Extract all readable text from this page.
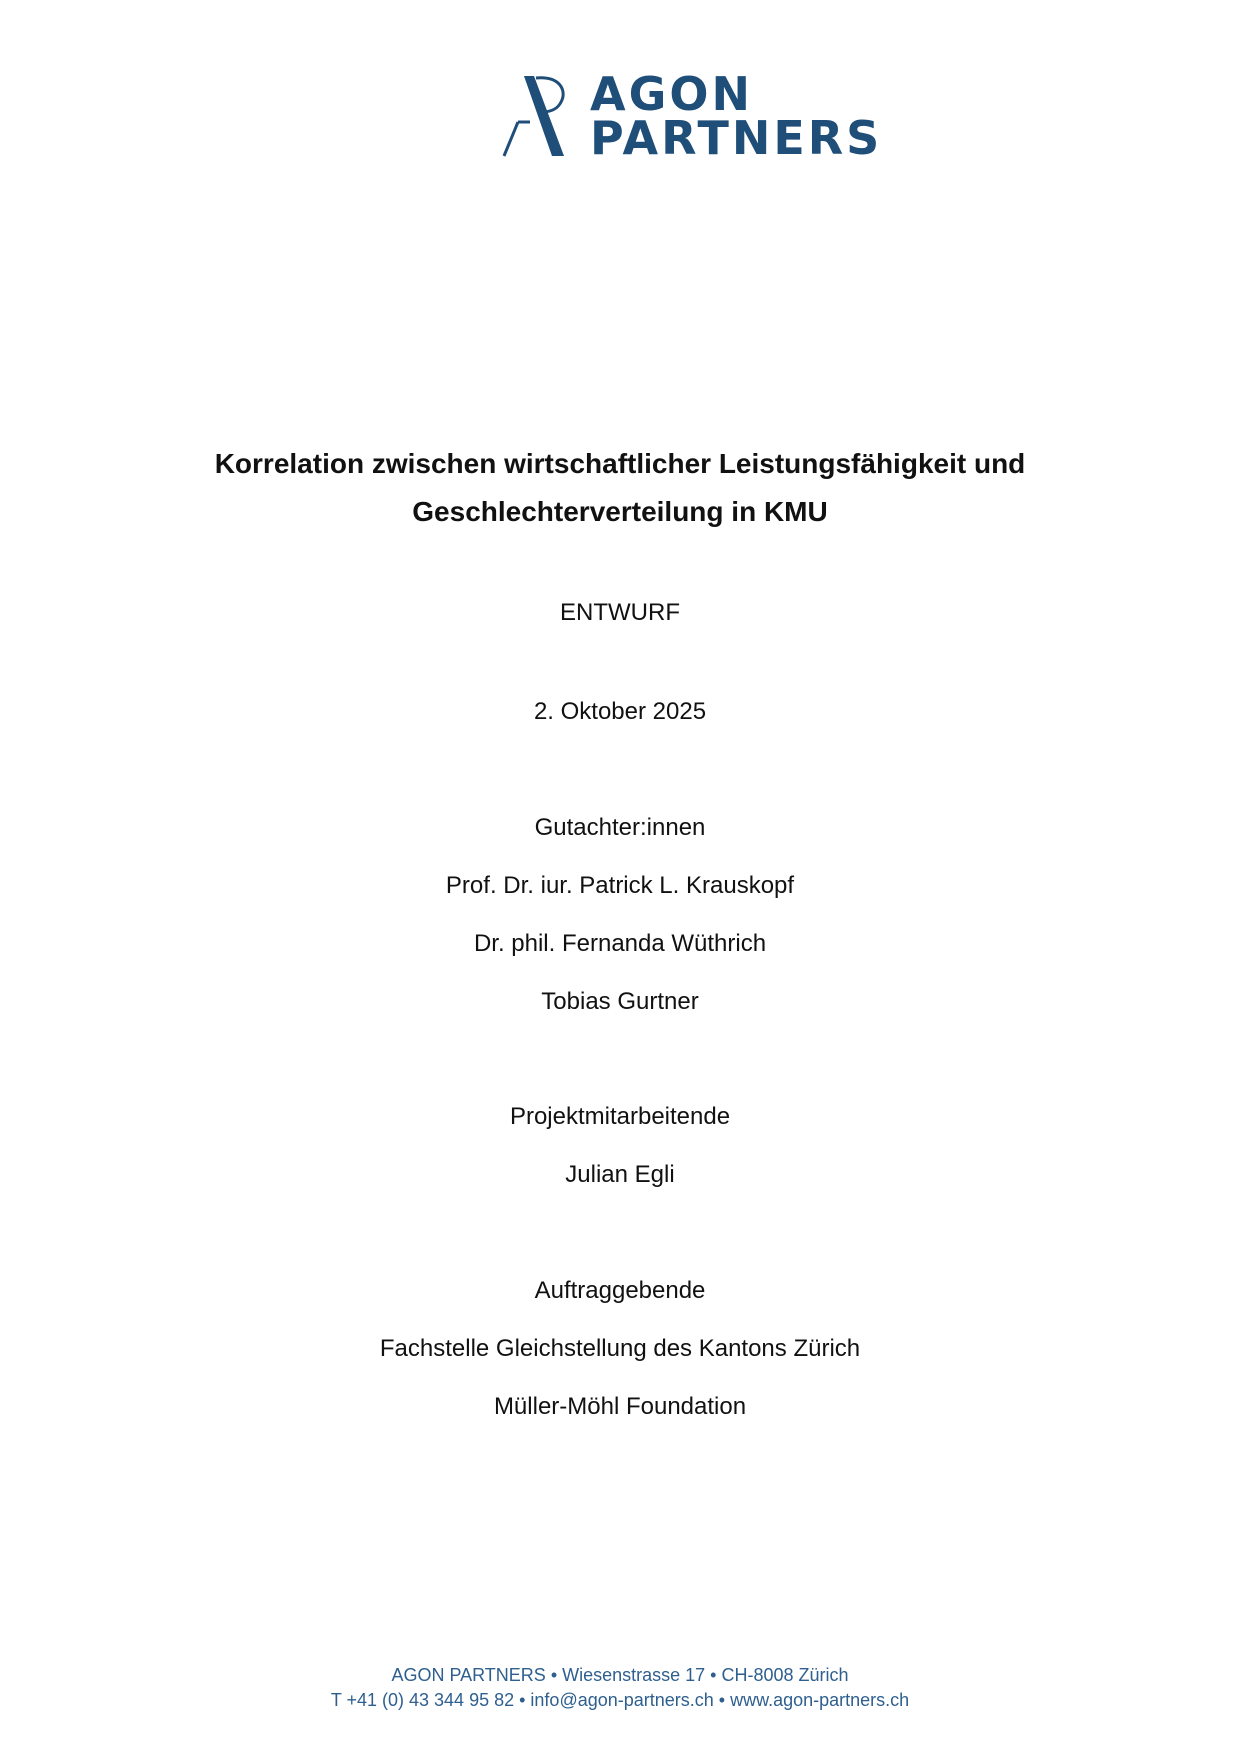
AGON
PARTNERS
Korrelation zwischen wirtschaftlicher Leistungsfähigkeit und
Geschlechterverteilung in KMU
ENTWURF
2. Oktober 2025
Gutachter:innen
Prof. Dr. iur. Patrick L. Krauskopf
Dr. phil. Fernanda Wüthrich
Tobias Gurtner
Projektmitarbeitende
Julian Egli
Auftraggebende
Fachstelle Gleichstellung des Kantons Zürich
Müller-Möhl Foundation
AGON PARTNERS • Wiesenstrasse 17 • CH-8008 Zürich
T +41 (0) 43 344 95 82 • info@agon-partners.ch • www.agon-partners.ch
